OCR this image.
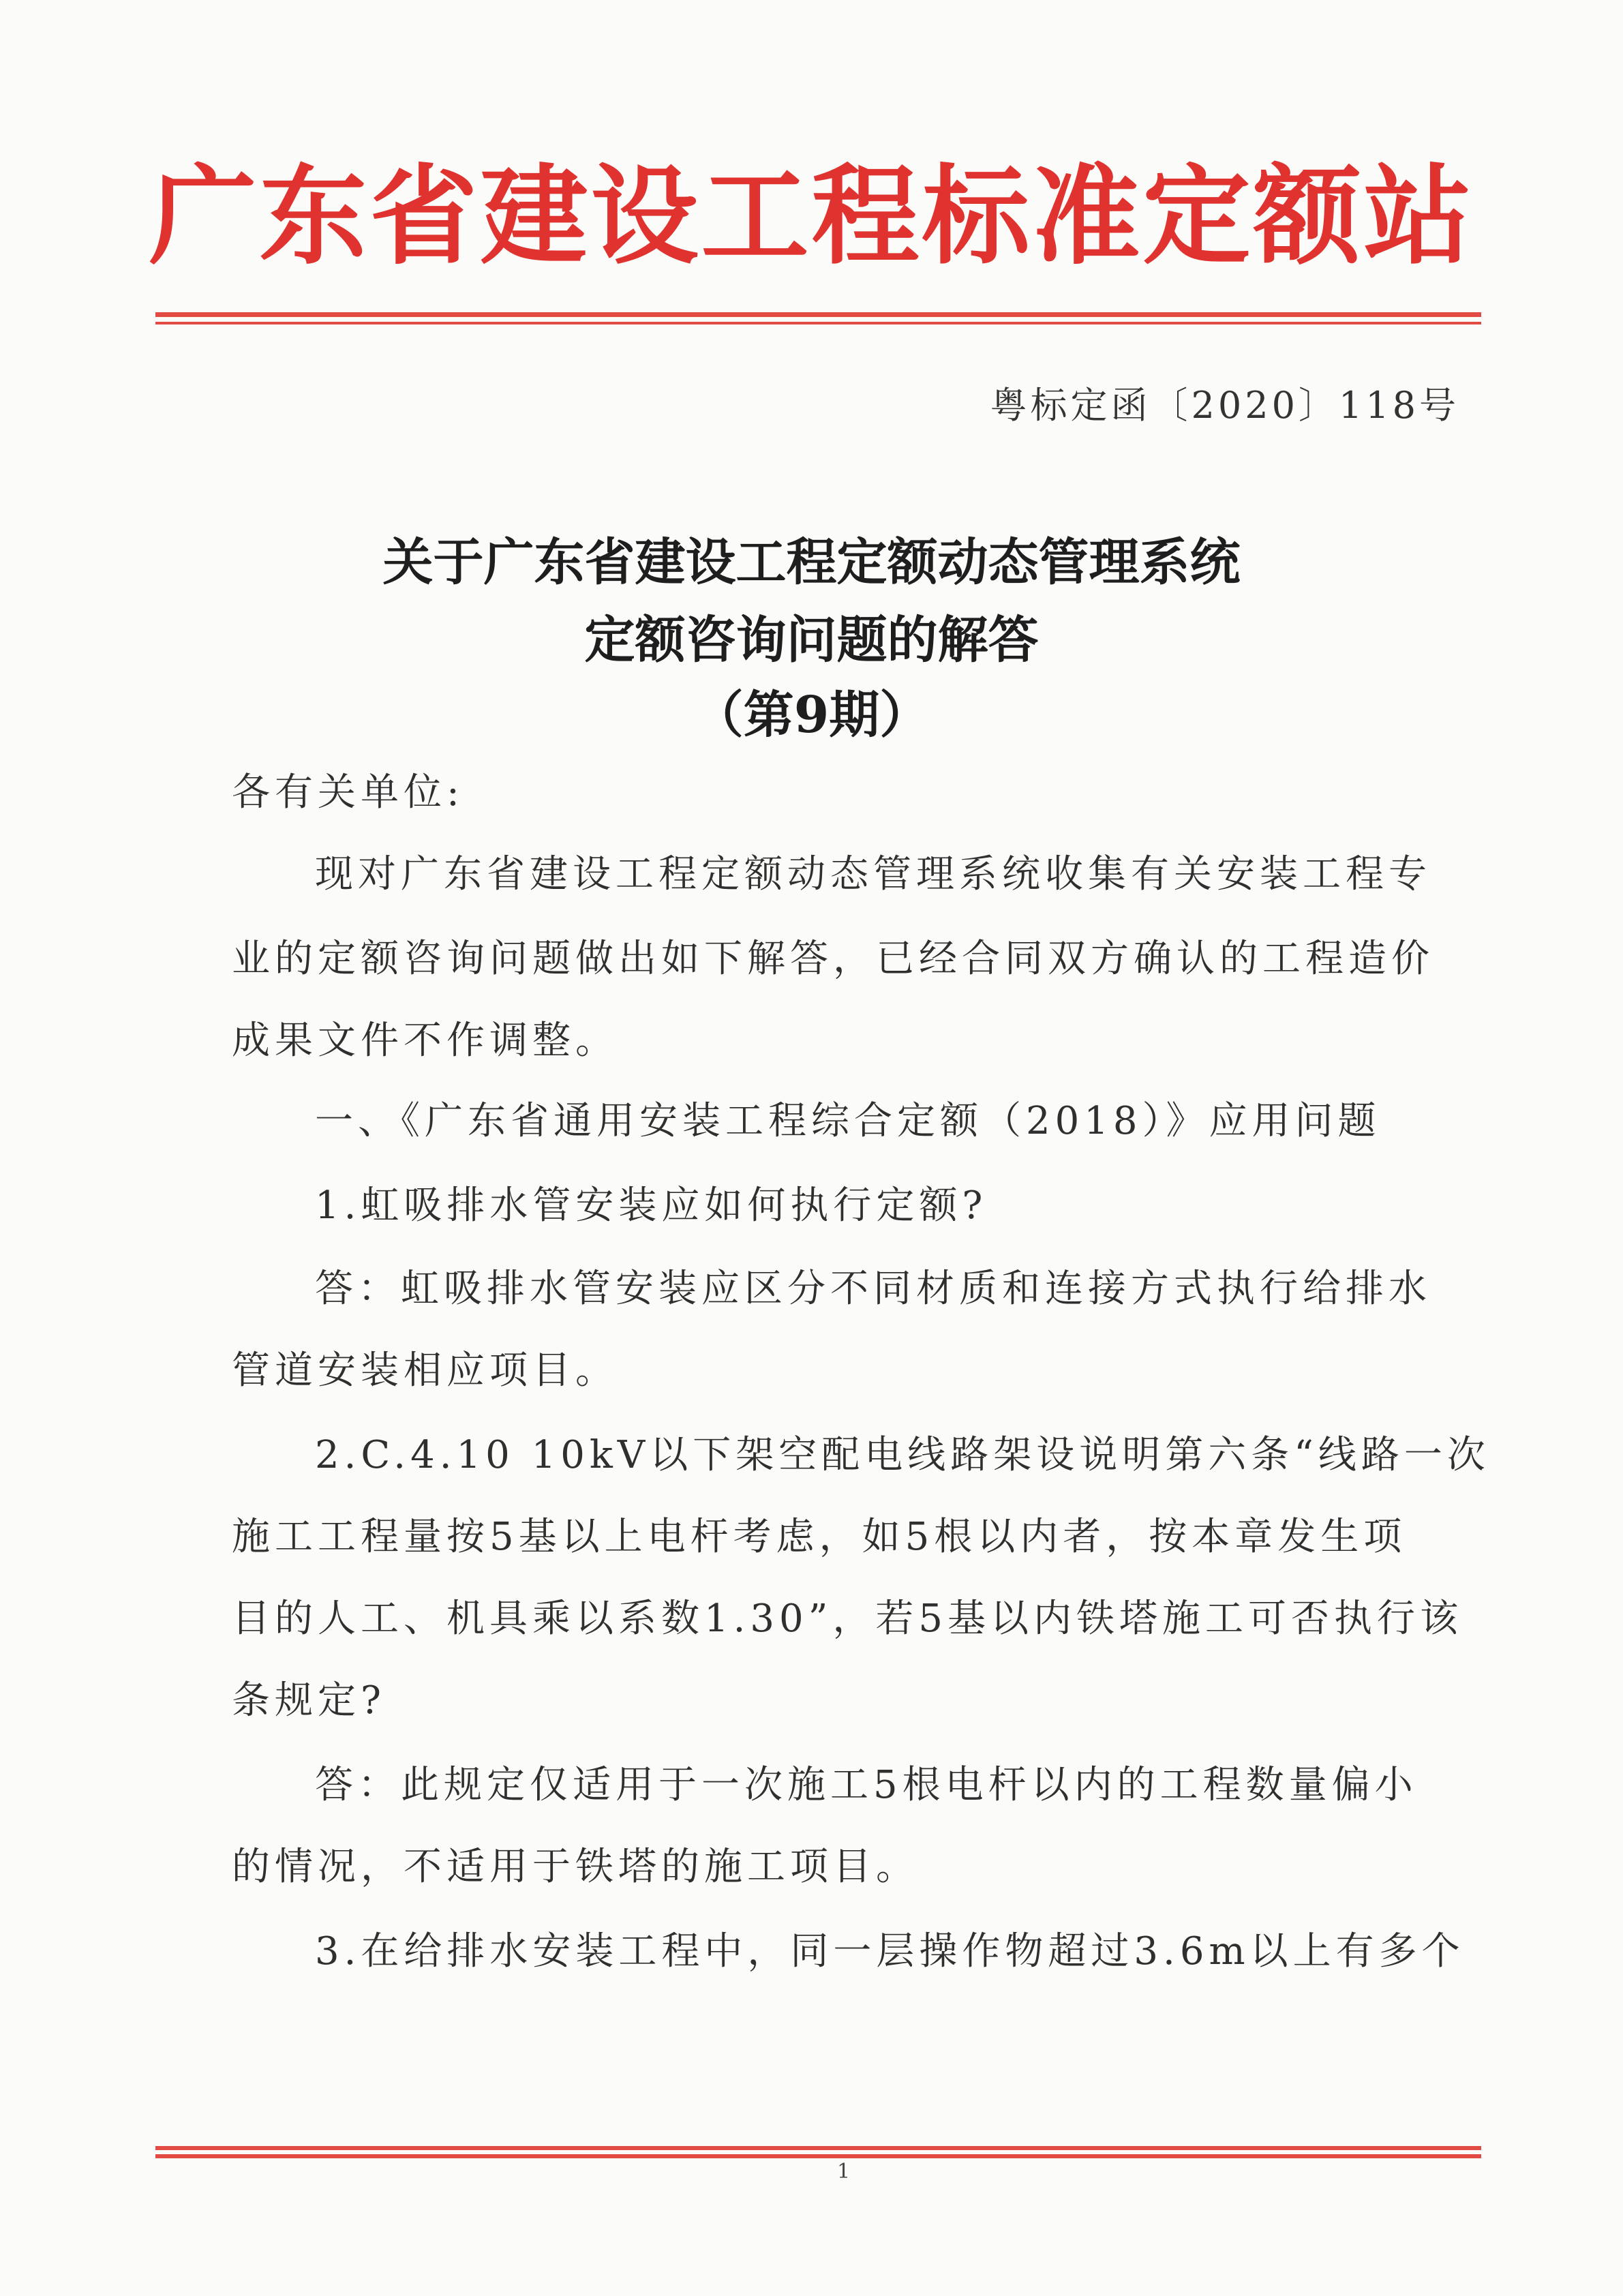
广东省建设工程标准定额站
粤标定函〔2020〕118号
关于广东省建设工程定额动态管理系统
定额咨询问题的解答
（第9期）
各有关单位:
现对广东省建设工程定额动态管理系统收集有关安装工程专
业的定额咨询问题做出如下解答，已经合同双方确认的工程造价
成果文件不作调整。
一、《广东省通用安装工程综合定额（2018）》应用问题
1.虹吸排水管安装应如何执行定额?
答：虹吸排水管安装应区分不同材质和连接方式执行给排水
管道安装相应项目。
2.C.4.10 10kV以下架空配电线路架设说明第六条“线路一次
施工工程量按5基以上电杆考虑，如5根以内者，按本章发生项
目的人工、机具乘以系数1.30”，若5基以内铁塔施工可否执行该
条规定?
答：此规定仅适用于一次施工5根电杆以内的工程数量偏小
的情况，不适用于铁塔的施工项目。
3.在给排水安装工程中，同一层操作物超过3.6m以上有多个
1
